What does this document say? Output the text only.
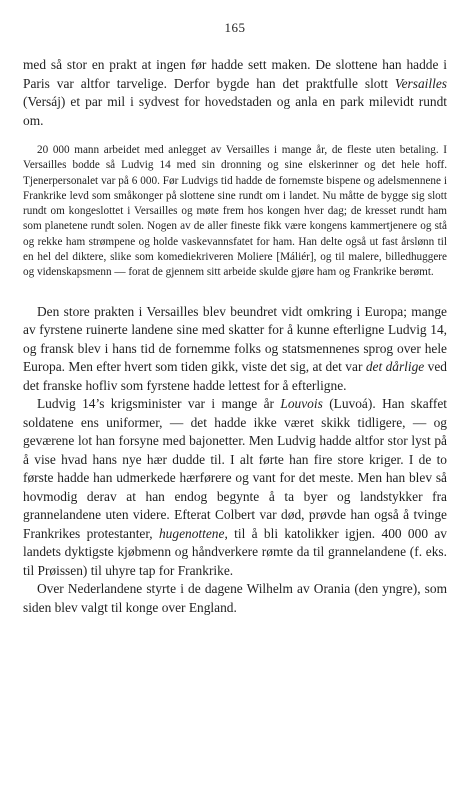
165

med så stor en prakt at ingen før hadde sett maken. De slottene han hadde i Paris var altfor tarvelige. Derfor bygde han det praktfulle slott Versailles (Versáj) et par mil i sydvest for hovedstaden og anla en park milevidt rundt om.

20 000 mann arbeidet med anlegget av Versailles i mange år, de fleste uten betaling. I Versailles bodde så Ludvig 14 med sin dronning og sine elskerinner og det hele hoff. Tjenerpersonalet var på 6 000. Før Ludvigs tid hadde de fornemste bispene og adelsmennene i Frankrike levd som småkonger på slottene sine rundt om i landet. Nu måtte de bygge sig slott rundt om kongeslottet i Versailles og møte frem hos kongen hver dag; de kresset rundt ham som planetene rundt solen. Nogen av de aller fineste fikk være kongens kammertjenere og stå og rekke ham strømpene og holde vaskevannsfatet for ham. Han delte også ut fast årslønn til en hel del diktere, slike som komediekriveren Moliere [Máliér], og til malere, billedhuggere og videnskapsmenn — forat de gjennem sitt arbeide skulde gjøre ham og Frankrike berømt.

Den store prakten i Versailles blev beundret vidt omkring i Europa; mange av fyrstene ruinerte landene sine med skatter for å kunne efterligne Ludvig 14, og fransk blev i hans tid de fornemme folks og statsmennenes sprog over hele Europa. Men efter hvert som tiden gikk, viste det sig, at det var det dårlige ved det franske hofliv som fyrstene hadde lettest for å efterligne.

Ludvig 14’s krigsminister var i mange år Louvois (Luvoá). Han skaffet soldatene ens uniformer, — det hadde ikke været skikk tidligere, — og geværene lot han forsyne med bajonetter. Men Ludvig hadde altfor stor lyst på å vise hvad hans nye hær dudde til. I alt førte han fire store kriger. I de to første hadde han udmerkede hærførere og vant for det meste. Men han blev så hovmodig derav at han endog begynte å ta byer og landstykker fra grannelandene uten videre. Efterat Colbert var død, prøvde han også å tvinge Frankrikes protestanter, hugenottene, til å bli katolikker igjen. 400 000 av landets dyktigste kjøbmenn og håndverkere rømte da til grannelandene (f. eks. til Prøissen) til uhyre tap for Frankrike.

Over Nederlandene styrte i de dagene Wilhelm av Orania (den yngre), som siden blev valgt til konge over England.
